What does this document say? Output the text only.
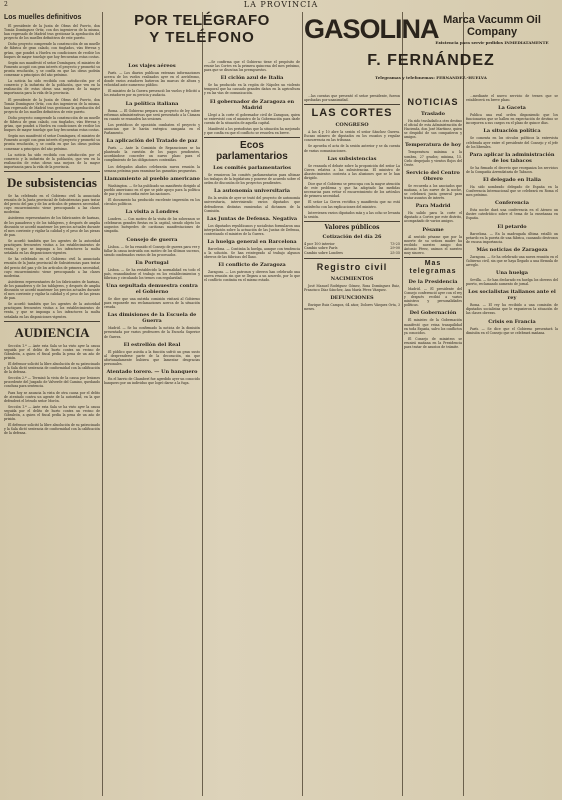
2	LA PROVINCIA
Los muelles definitivos

El presidente de la Junta de Obras del Puerto, don Tomás Domínguez Ortiz, con dos ingenieros de la misma, han regresado de Madrid tras gestionar la aprobación del proyecto de los muelles definitivos de este puerto.

Dicho proyecto comprende la construcción de un muelle de fábrica de gran calado, con tinglados, vías férreas y grúas, que pondrá a Huelva en condiciones de recibir los buques de mayor tonelaje que hoy frecuentan estas costas.

Según nos manifestó el señor Domínguez, el ministro de Fomento acogió con gran interés el proyecto y prometió su pronta resolución, y se confía en que las obras podrán comenzar a principios del año próximo.

La noticia ha sido recibida con satisfacción por el comercio y la industria de la población, que ven en la realización de estas obras una mejora de la mayor importancia para la vida de la provincia.

El presidente de la Junta de Obras del Puerto, don Tomás Domínguez Ortiz, con dos ingenieros de la misma, han regresado de Madrid tras gestionar la aprobación del proyecto de los muelles definitivos de este puerto.

Dicho proyecto comprende la construcción de un muelle de fábrica de gran calado, con tinglados, vías férreas y grúas, que pondrá a Huelva en condiciones de recibir los buques de mayor tonelaje que hoy frecuentan estas costas.

Según nos manifestó el señor Domínguez, el ministro de Fomento acogió con gran interés el proyecto y prometió su pronta resolución, y se confía en que las obras podrán comenzar a principios del año próximo.

La noticia ha sido recibida con satisfacción por el comercio y la industria de la población, que ven en la realización de estas obras una mejora de la mayor importancia para la vida de la provincia.

De subsistencias

Se ha celebrado en el Gobierno civil la anunciada reunión de la Junta provincial de Subsistencias para tratar del precio del pan y de los artículos de primera necesidad, cuyo encarecimiento viene preocupando a las clases modestas.

Asistieron representantes de los fabricantes de harinas, de los panaderos y de los tablajeros, y después de amplia discusión se acordó mantener los precios actuales durante el mes corriente y vigilar la calidad y el peso de las piezas de pan.

Se acordó también que los agentes de la autoridad practiquen frecuentes visitas a los establecimientos de venta, y que se imponga a los infractores la multa señalada en las disposiciones vigentes.

Se ha celebrado en el Gobierno civil la anunciada reunión de la Junta provincial de Subsistencias para tratar del precio del pan y de los artículos de primera necesidad, cuyo encarecimiento viene preocupando a las clases modestas.

Asistieron representantes de los fabricantes de harinas, de los panaderos y de los tablajeros, y después de amplia discusión se acordó mantener los precios actuales durante el mes corriente y vigilar la calidad y el peso de las piezas de pan.

Se acordó también que los agentes de la autoridad practiquen frecuentes visitas a los establecimientos de venta, y que se imponga a los infractores la multa señalada en las disposiciones vigentes.

AUDIENCIA

Sección 1.ª — Ante esta Sala se ha visto ayer la causa seguida por el delito de hurto contra un vecino de Gibraleón, a quien el fiscal pedía la pena de un año de prisión.

El defensor solicitó la libre absolución de su patrocinado y la Sala dictó sentencia de conformidad con la calificación de la defensa.

Sección 2.ª — Terminó la vista de la causa por lesiones procedente del Juzgado de Valverde del Camino, quedando conclusa para sentencia.

Para hoy se anuncia la vista de otra causa por el delito de atentado contra un agente de la autoridad, en la que defenderá el letrado señor Morón.

Sección 1.ª — Ante esta Sala se ha visto ayer la causa seguida por el delito de hurto contra un vecino de Gibraleón, a quien el fiscal pedía la pena de un año de prisión.

El defensor solicitó la libre absolución de su patrocinado y la Sala dictó sentencia de conformidad con la calificación de la defensa.

POR TELÉGRAFO
Y TELÉFONO
Los viajes aéreos

París. — Los diarios publican extensas informaciones acerca de los vuelos realizados ayer en el aeródromo, donde varios aviadores batieron las marcas de altura y velocidad ante numeroso público.

El ministro de la Guerra presenció los vuelos y felicitó a los aviadores por su pericia y audacia.

La política italiana

Roma. — El Gobierno prepara un proyecto de ley sobre reformas administrativas que será presentado a la Cámara en cuanto se reanuden las sesiones.

Los periódicos de oposición combaten el proyecto y anuncian que le harán enérgica campaña en el Parlamento.

La aplicación del Tratado de paz

París. — Ante la Comisión de Reparaciones se ha planteado la cuestión de los pagos pendientes, acordándose conceder un nuevo plazo para el cumplimiento de las obligaciones contraídas.

Los delegados aliados celebrarán nueva reunión la semana próxima para examinar las garantías propuestas.

Llamamiento al pueblo americano

Washington. — Se ha publicado un manifiesto dirigido al pueblo americano en el que se pide apoyo para la política de paz y de concordia entre las naciones.

El documento ha producido excelente impresión en los círculos políticos.

La visita a Londres

Londres. — Con motivo de la visita de los soberanos se celebraron grandes fiestas en la capital, siendo objeto los augustos huéspedes de cariñosas manifestaciones de simpatía.

Consejo de guerra

Lisboa. — Se ha reunido el Consejo de guerra para ver y fallar la causa instruida con motivo de los últimos sucesos, siendo condenados varios de los procesados.

En Portugal

Lisboa. — Se ha restablecido la normalidad en todo el país, reanudándose el trabajo en los establecimientos y fábricas y circulando los trenes con regularidad.

Una sepultada demuestra contra el Gobierno

Se dice que una nutrida comisión visitará al Gobierno para exponerle sus reclamaciones acerca de la situación creada.

Las dimisiones de la Escuela de Guerra

Madrid. — Se ha confirmado la noticia de la dimisión presentada por varios profesores de la Escuela Superior de Guerra.

El estrellón del Real

El público que asistía a la función sufrió un gran susto al desprenderse parte de la decoración, sin que afortunadamente hubiera que lamentar desgracias personales.

Atentado torero. — Un banquero

En el barrio de Chamberí fue agredido ayer un conocido banquero por un individuo que logró darse a la fuga.

—Se confirma que el Gobierno tiene el propósito de reunir las Cortes en la primera quincena del mes próximo, para que se discutan los presupuestos.

El ciclón azul de Italia

Se ha producido en la región de Nápoles un violento temporal que ha causado grandes daños en la agricultura y en las vías de comunicación.

El gobernador de Zaragoza en Madrid

Llegó a la corte el gobernador civil de Zaragoza, quien se entrevistó con el ministro de la Gobernación para darle cuenta de la situación de aquella capital.

Manifestó a los periodistas que la situación ha mejorado y que confía en que el conflicto se resuelva en breve.

Ecos parlamentarios
Los comités parlamentarios

Se reunieron los comités parlamentarios para ultimar los trabajos de la legislatura y ponerse de acuerdo sobre el orden de discusión de los proyectos pendientes.

La autonomía universitaria

En la sesión de ayer se trató del proyecto de autonomía universitaria, interviniendo varios diputados que defendieron distintas enmiendas al dictamen de la Comisión.

Las Juntas de Defensa. Negativa

Los diputados republicanos y socialistas formularon una interpelación sobre la actuación de las Juntas de Defensa, contestando el ministro de la Guerra.

La huelga general en Barcelona

Barcelona. — Continúa la huelga, aunque con tendencia a la solución. Se han reintegrado al trabajo algunos obreros de las fábricas del llano.

El conflicto de Zaragoza

Zaragoza. — Los patronos y obreros han celebrado una nueva reunión sin que se llegara a un acuerdo, por lo que el conflicto continúa en el mismo estado.

GASOLINA Marca Vacumm Oil Company
Existencia para servir pedidos INMEDIATAMENTE
F. FERNÁNDEZ
Telegramas y telefonemas: FERNANDEZ.-HUELVA

...las cuentas que presentó el señor presidente, fueron aprobadas por unanimidad.

LAS CORTES
CONGRESO

A las 4 y 10 abre la sesión el señor Sánchez Guerra. Escaso número de diputados en los escaños y regular concurrencia en las tribunas.

Se aprueba el acta de la sesión anterior y se da cuenta de varias comunicaciones.

Las subsistencias

Se reanuda el debate sobre la proposición del señor La Cierva relativa a las subsistencias. El ministro de Abastecimientos contesta a las alusiones que se le han dirigido.

Dice que el Gobierno se preocupa con la mayor atención de este problema y que ha adoptado las medidas necesarias para evitar el encarecimiento de los artículos de primera necesidad.

El señor La Cierva rectifica y manifiesta que no está satisfecho con las explicaciones del ministro.

Intervienen varios diputados más y a las ocho se levanta la sesión.

Valores públicos
Cotización del día 26
4 por 100 interior	73-25
Cambio sobre París	29-00
Cambio sobre Londres	25-35
Registro civil
NACIMIENTOS

José Manuel Rodríguez Gómez, Rosa Domínguez Ruiz, Francisco Díaz Sánchez, Ana María Pérez Vázquez.

DEFUNCIONES

Enrique Ruiz Campos, 64 años; Dolores Vázquez Orta, 3 meses.

NOTICIAS
Traslado

Ha sido trasladado a otro destino el oficial de esta Administración de Hacienda, don José Martínez, quien se despidió de sus compañeros y amigos.

Temperatura de hoy

Temperatura máxima a la sombra, 27 grados; mínima, 15. Cielo despejado y vientos flojos del Oeste.

Servicio del Centro Obrero

Se recuerda a los asociados que mañana, a las nueve de la noche, se celebrará junta general para tratar asuntos de interés.

Para Madrid

Ha salido para la corte el diputado a Cortes por este distrito, acompañado de varios amigos.

Pésame

Al sentido pésame que por la muerte de su señora madre ha recibido nuestro amigo don Antonio Pérez, unimos el nuestro muy sincero.

Mas telegramas
De la Presidencia

Madrid. — El presidente del Consejo conferenció ayer con el rey y después recibió a varios ministros y personalidades políticas.

Del Gobernación

El ministro de la Gobernación manifestó que reina tranquilidad en toda España, salvo los conflictos ya conocidos.

El Consejo de ministros se reunirá mañana en la Presidencia para tratar de asuntos de trámite.

...mediante el nuevo servicio de trenes que se establecerá en breve plazo.

La Gaceta

Publica una real orden disponiendo que los funcionarios que se hallen en expectación de destino se incorporen a sus cargos en el plazo de quince días.

La situación política

Se comenta en los círculos políticos la entrevista celebrada ayer entre el presidente del Consejo y el jefe de los liberales.

Para aplicar la administración de los tabacos

Se ha firmado el decreto que reorganiza los servicios de la Compañía Arrendataria de Tabacos.

El delegado en Italia

Ha sido nombrado delegado de España en la Conferencia Internacional que se celebrará en Roma el mes próximo.

Conferencia

Esta noche dará una conferencia en el Ateneo un ilustre catedrático sobre el tema de la enseñanza en España.

El petardo

Barcelona. — En la madrugada última estalló un petardo en la puerta de una fábrica, causando destrozos de escasa importancia.

Más noticias de Zaragoza

Zaragoza. — Se ha celebrado una nueva reunión en el Gobierno civil, sin que se haya llegado a una fórmula de arreglo.

Una huelga

Sevilla. — Se han declarado en huelga los obreros del puerto, reclamando aumento de jornal.

Los socialistas italianos ante el rey

Roma. — El rey ha recibido a una comisión de diputados socialistas que le expusieron la situación de las clases obreras.

Crisis en Francia

París. — Se dice que el Gobierno presentará la dimisión en el Consejo que se celebrará mañana.
